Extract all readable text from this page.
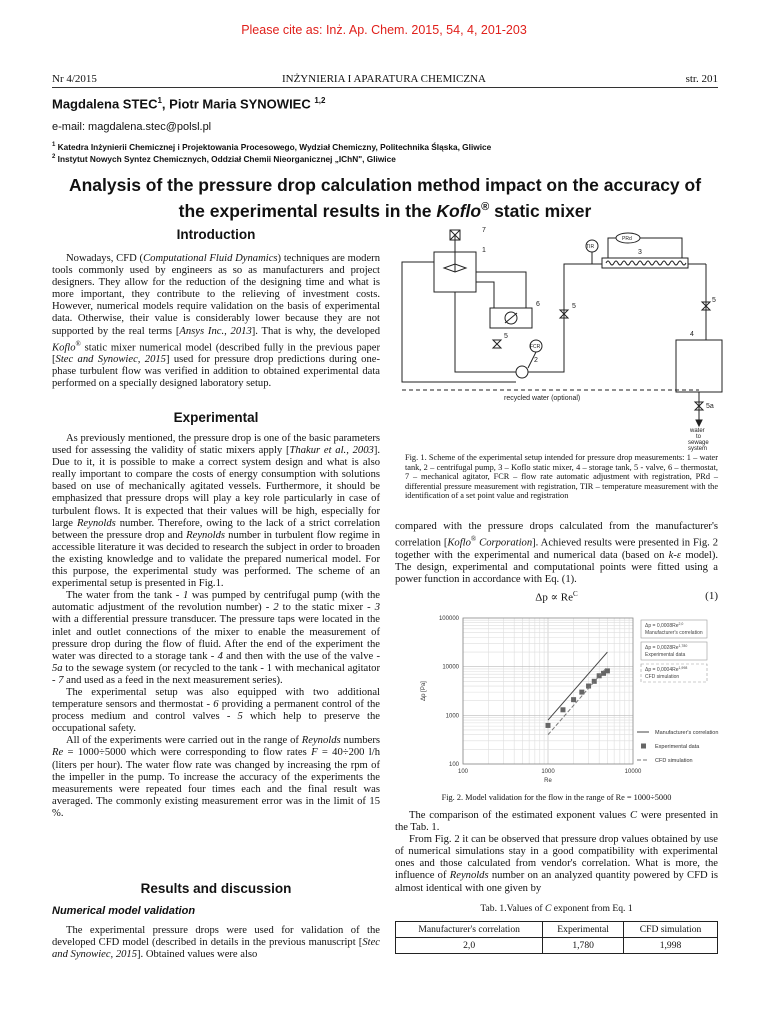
Please cite as: Inż. Ap. Chem. 2015, 54, 4, 201-203
Nr 4/2015	INŻYNIERIA I APARATURA CHEMICZNA	str. 201
Magdalena STEC$^1$, Piotr Maria SYNOWIEC $^{1,2}$
e-mail: magdalena.stec@polsl.pl
$^1$ Katedra Inżynierii Chemicznej i Projektowania Procesowego, Wydział Chemiczny, Politechnika Śląska, Gliwice
$^2$ Instytut Nowych Syntez Chemicznych, Oddział Chemii Nieorganicznej „IChN", Gliwice
Analysis of the pressure drop calculation method impact on the accuracy of
the experimental results in the Koflo® static mixer
Introduction

Nowadays, CFD (Computational Fluid Dynamics) techniques are modern tools commonly used by engineers as so as manufacturers and project designers. They allow for the reduction of the designing time and what is more important, they contribute to the relieving of investment costs. However, numerical models require validation on the basis of experimental data. Otherwise, their value is considerably lower because they are not supported by the real terms [Ansys Inc., 2013]. That is why, the developed Koflo® static mixer numerical model (described fully in the previous paper [Stec and Synowiec, 2015] used for pressure drop predictions during one-phase turbulent flow was verified in addition to obtained experimental data performed on a specially designed laboratory setup.

Experimental

As previously mentioned, the pressure drop is one of the basic parameters used for assessing the validity of static mixers apply [Thakur et al., 2003]. Due to it, it is possible to make a correct system design and what is also really important to compare the costs of energy consumption with solutions based on use of mechanically agitated vessels. Furthermore, it should be emphasized that pressure drops will play a key role particularly in case of turbulent flows. It is expected that their values will be high, especially for large Reynolds number. Therefore, owing to the lack of a strict correlation between the pressure drop and Reynolds number in turbulent flow regime in accessible literature it was decided to research the subject in order to broaden the existing knowledge and to validate the prepared numerical model. For this purpose, the experimental study was performed. The scheme of an experimental setup is presented in Fig.1.

The water from the tank - 1 was pumped by centrifugal pump (with the automatic adjustment of the revolution number) - 2 to the static mixer - 3 with a differential pressure transducer. The pressure taps were located in the inlet and outlet connections of the mixer to enable the measurement of pressure drop during the flow of fluid. After the end of the experiment the water was directed to a storage tank - 4 and then with the use of the valve - 5a to the sewage system (or recycled to the tank - 1 with mechanical agitator - 7 and used as a feed in the next measurement series).

The experimental setup was also equipped with two additional temperature sensors and thermostat - 6 providing a permanent control of the process medium and control valves - 5 which help to preserve the occupational safety.

All of the experiments were carried out in the range of Reynolds numbers Re = 1000÷5000 which were corresponding to flow rates F = 40÷200 l/h (liters per hour). The water flow rate was changed by increasing the rpm of the impeller in the pump. To increase the accuracy of the experiments the measurements were repeated four times each and the final result was averaged. The commonly existing measurement error was in the limit of 15 %.

Results and discussion
Numerical model validation

The experimental pressure drops were used for validation of the developed CFD model (described in details in the previous manuscript [Stec and Synowiec, 2015]. Obtained values were also

7
1
2
3
4
5
5
5
5a
6
TIR
PRd
FCR
recycled water (optional)
water
to
sewage
system
Fig. 1. Scheme of the experimental setup intended for pressure drop measurements: 1 – water tank, 2 – centrifugal pump, 3 – Koflo static mixer, 4 – storage tank, 5 - valve, 6 – thermostat, 7 – mechanical agitator, FCR – flow rate automatic adjustment with registration, PRd – differential pressure measurement with registration, TIR – temperature measurement with the identification of a set point value and registration

compared with the pressure drops calculated from the manufacturer's correlation [Koflo® Corporation]. Achieved results were presented in Fig. 2 together with the experimental and numerical data (based on k-ε model). The design, experimental and computational points were fitted using a power function in accordance with Eq. (1).

$\Delta p \propto Re^C$	(1)
100	1000	10000
100
1000
10000
100000
Re
Δp [Pa]
Δp = 0,0008Re$^{2,0}$
Manufacturer's correlation
Δp = 0,0028Re$^{1,780}$
Experimental data
Δp = 0,0004Re$^{1,998}$
CFD simulation
Manufacturer's correlation
Experimental data
CFD simulation
Fig. 2. Model validation for the flow in the range of Re = 1000÷5000

The comparison of the estimated exponent values C were presented in the Tab. 1.

From Fig. 2 it can be observed that pressure drop values obtained by use of numerical simulations stay in a good compatibility with experimental ones and those calculated from vendor's correlation. What is more, the influence of Reynolds number on an analyzed quantity powered by CFD is almost identical with one given by

Tab. 1.Values of C exponent from Eq. 1
Manufacturer's correlation	Experimental	CFD simulation
2,0	1,780	1,998
